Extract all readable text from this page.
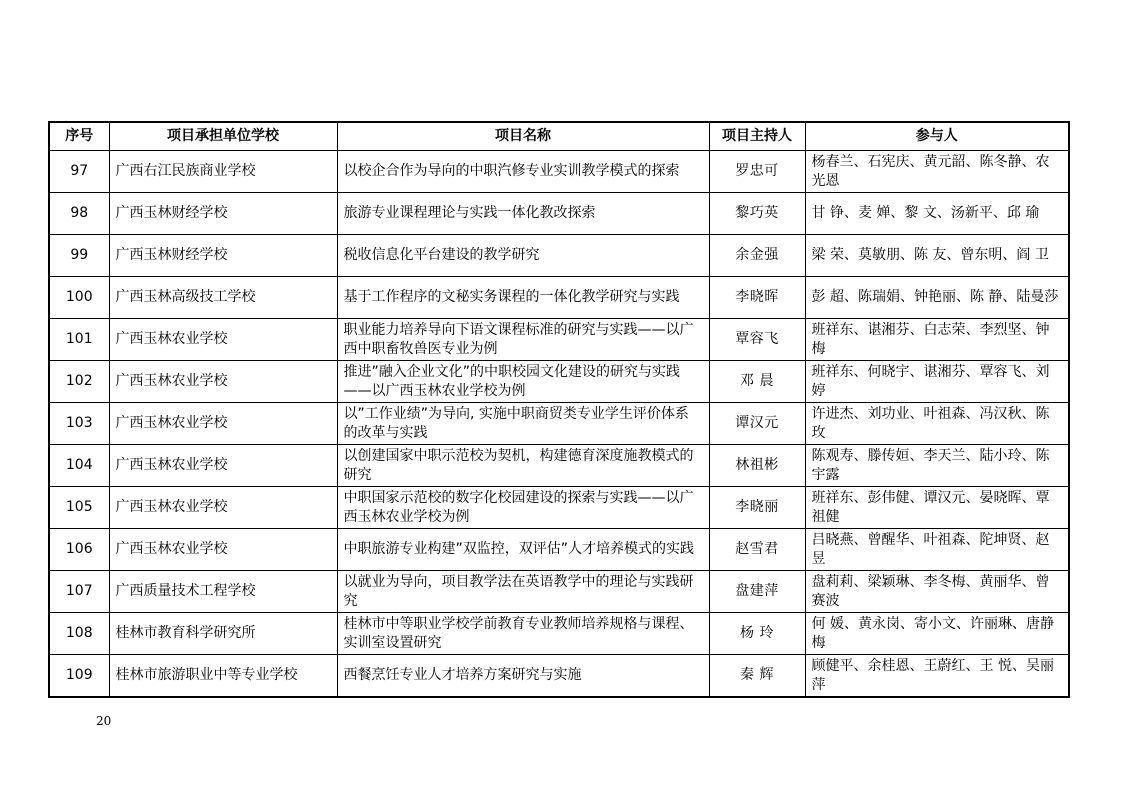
序号	项目承担单位学校	项目名称	项目主持人	参与人
97	广西右江民族商业学校	以校企合作为导向的中职汽修专业实训教学模式的探索	罗忠可	杨春兰、石宪庆、黄元韶、陈冬静、农光恩
98	广西玉林财经学校	旅游专业课程理论与实践一体化教改探索	黎巧英	甘 铮、麦 婵、黎 文、汤新平、邱 瑜
99	广西玉林财经学校	税收信息化平台建设的教学研究	余金强	梁 荣、莫敏朋、陈 友、曾东明、阎 卫
100	广西玉林高级技工学校	基于工作程序的文秘实务课程的一体化教学研究与实践	李晓晖	彭 超、陈瑞娟、钟艳丽、陈 静、陆曼莎
101	广西玉林农业学校	职业能力培养导向下语文课程标准的研究与实践——以广西中职畜牧兽医专业为例	覃容飞	班祥东、谌湘芬、白志荣、李烈坚、钟 梅
102	广西玉林农业学校	推进”融入企业文化”的中职校园文化建设的研究与实践——以广西玉林农业学校为例	邓 晨	班祥东、何晓宇、谌湘芬、覃容飞、刘 婷
103	广西玉林农业学校	以”工作业绩”为导向, 实施中职商贸类专业学生评价体系的改革与实践	谭汉元	许进杰、刘功业、叶祖森、冯汉秋、陈 玫
104	广西玉林农业学校	以创建国家中职示范校为契机，构建德育深度施教模式的研究	林祖彬	陈观寿、滕传姮、李天兰、陆小玲、陈宇露
105	广西玉林农业学校	中职国家示范校的数字化校园建设的探索与实践——以广西玉林农业学校为例	李晓丽	班祥东、彭伟健、谭汉元、晏晓晖、覃祖健
106	广西玉林农业学校	中职旅游专业构建”双监控，双评估”人才培养模式的实践	赵雪君	吕晓燕、曾醒华、叶祖森、陀坤贤、赵 昱
107	广西质量技术工程学校	以就业为导向，项目教学法在英语教学中的理论与实践研究	盘建萍	盘莉莉、梁颖琳、李冬梅、黄丽华、曾赛波
108	桂林市教育科学研究所	桂林市中等职业学校学前教育专业教师培养规格与课程、实训室设置研究	杨 玲	何 媛、黄永岗、寄小文、许丽琳、唐静梅
109	桂林市旅游职业中等专业学校	西餐烹饪专业人才培养方案研究与实施	秦 辉	顾健平、余桂恩、王蔚红、王 悦、吴丽萍
20
